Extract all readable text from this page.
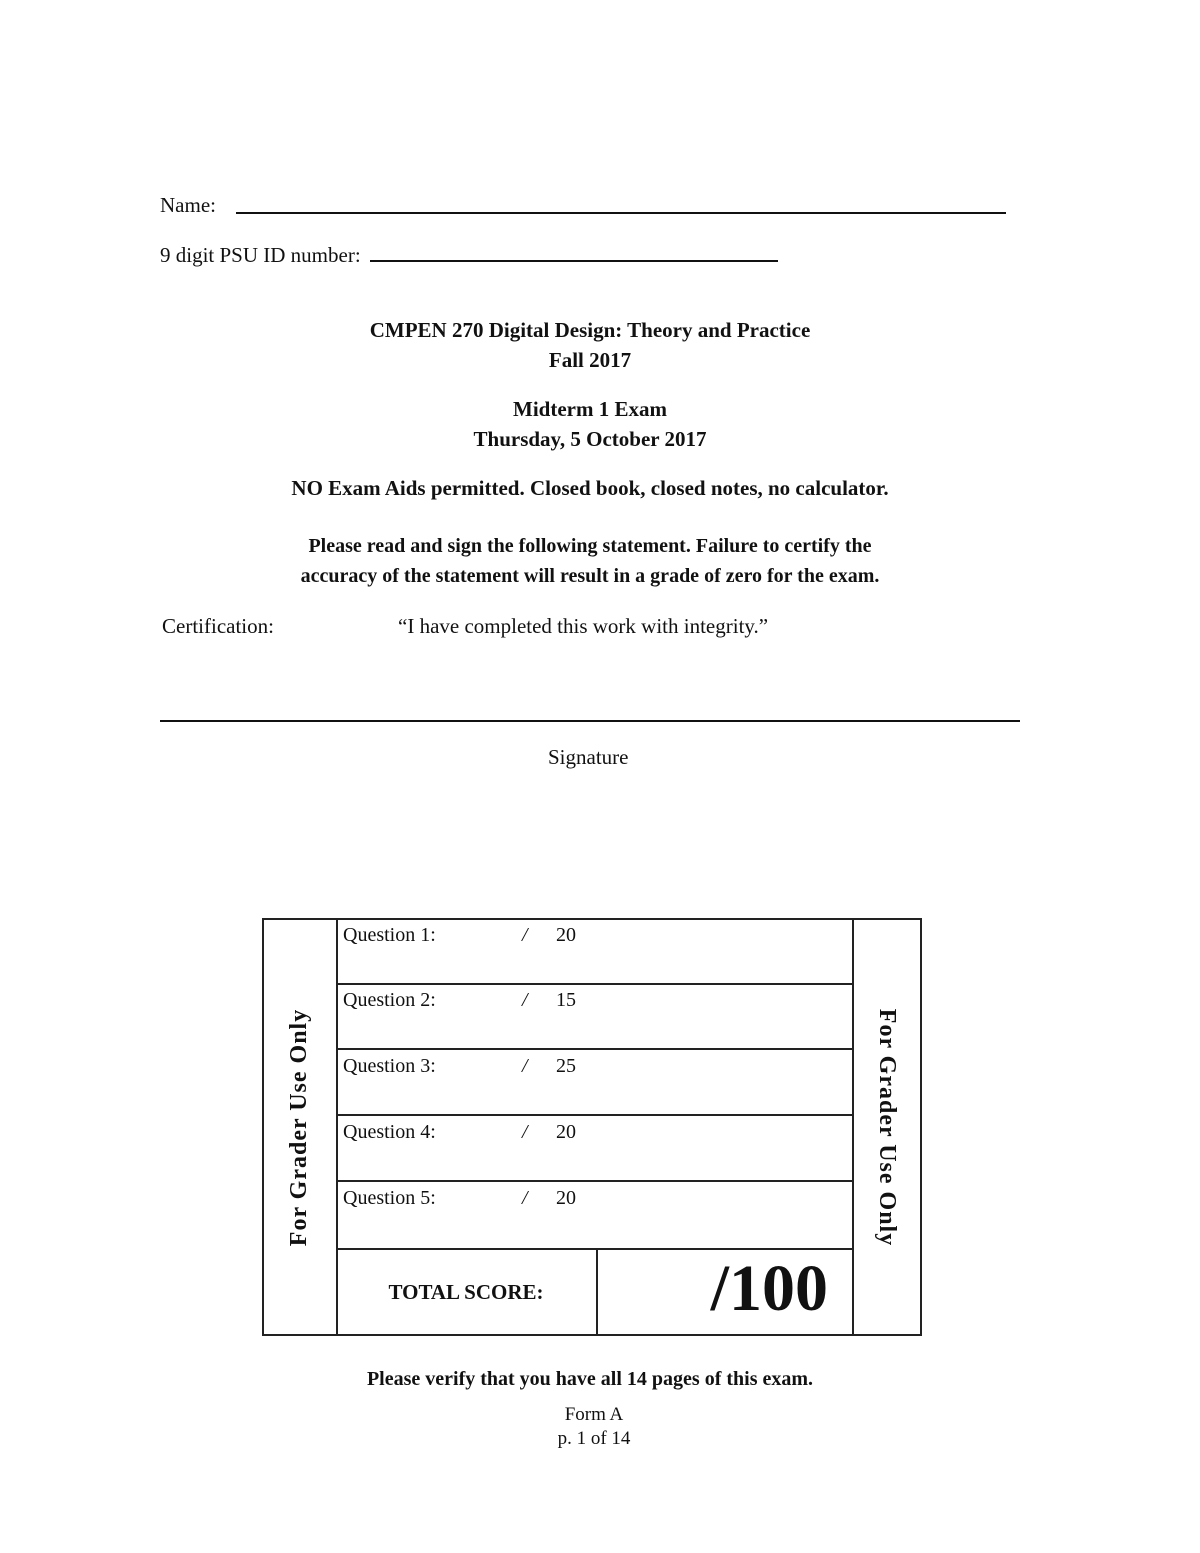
Name:
9 digit PSU ID number:
CMPEN 270 Digital Design: Theory and Practice
Fall 2017
Midterm 1 Exam
Thursday, 5 October 2017
NO Exam Aids permitted. Closed book, closed notes, no calculator.
Please read and sign the following statement. Failure to certify the
accuracy of the statement will result in a grade of zero for the exam.
Certification:	“I have completed this work with integrity.”
Signature
For Grader Use Only
Question 1:	/ 20
Question 2:	/ 15
Question 3:	/ 25
Question 4:	/ 20
Question 5:	/ 20
TOTAL SCORE:	/100
For Grader Use Only
Please verify that you have all 14 pages of this exam.
Form A
p. 1 of 14
